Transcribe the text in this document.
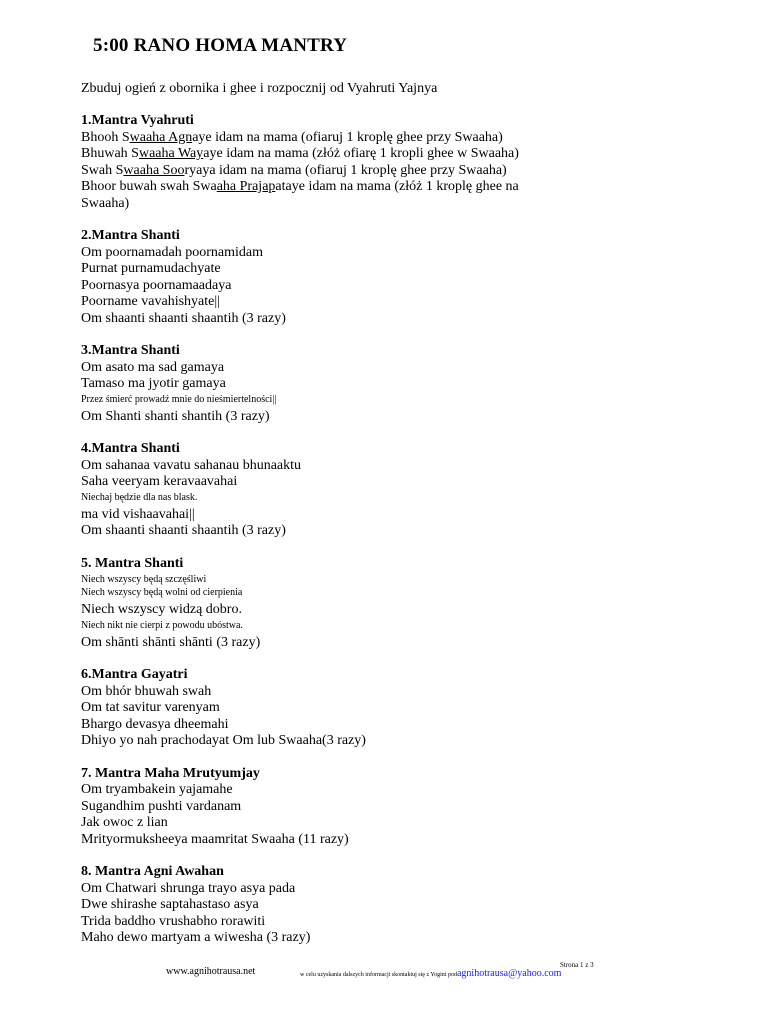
5:00 RANO HOMA MANTRY
Zbuduj ogień z obornika i ghee i rozpocznij od Vyahruti Yajnya
1.Mantra Vyahruti
Bhooh Swaaha Agnaye idam na mama (ofiaruj 1 kroplę ghee przy Swaaha)
Bhuwah Swaaha Wayaye idam na mama (złóż ofiarę 1 kropli ghee w Swaaha)
Swah Swaaha Sooryaya idam na mama (ofiaruj 1 kroplę ghee przy Swaaha)
Bhoor buwah swah Swaaha Prajapataye idam na mama (złóż 1 kroplę ghee na Swaaha)
2.Mantra Shanti
Om poornamadah poornamidam
Purnat purnamudachyate
Poornasya poornamaadaya
Poorname vavahishyate||
Om shaanti shaanti shaantih (3 razy)
3.Mantra Shanti
Om asato ma sad gamaya
Tamaso ma jyotir gamaya
Przez śmierć prowadź mnie do nieśmiertelności||
Om Shanti shanti shantih (3 razy)
4.Mantra Shanti
Om sahanaa vavatu sahanau bhunaaktu
Saha veeryam keravaavahai
Niechaj będzie dla nas blask.
ma vid vishaavahai||
Om shaanti shaanti shaantih (3 razy)
5. Mantra Shanti
Niech wszyscy będą szczęśliwi
Niech wszyscy będą wolni od cierpienia
Niech wszyscy widzą dobro.
Niech nikt nie cierpi z powodu ubóstwa.
Om shānti shānti shānti (3 razy)
6.Mantra Gayatri
Om bhór bhuwah swah
Om tat savitur varenyam
Bhargo devasya dheemahi
Dhiyo yo nah prachodayat Om lub Swaaha(3 razy)
7. Mantra Maha Mrutyumjay
Om tryambakein yajamahe
Sugandhim pushti vardanam
Jak owoc z lian
Mrityormuksheeya maamritat Swaaha (11 razy)
8. Mantra Agni Awahan
Om Chatwari shrunga trayo asya pada
Dwe shirashe saptahastaso asya
Trida baddho vrushabho rorawiti
Maho dewo martyam a wiwesha (3 razy)
www.agnihotrausa.net	w celu uzyskania dalszych informacji skontaktuj się z Yogini podagnihotrausa@yahoo.com
Strona 1 z 3
